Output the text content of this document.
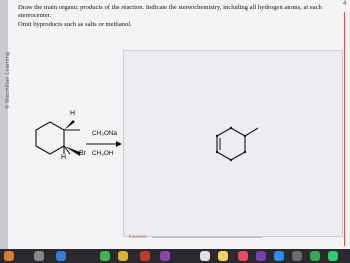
© Macmillan Learning
4
Draw the main organic products of the reaction. Indicate the stereochemistry, including all hydrogen atoms, at each stereocenter.
Omit byproducts such as salts or methanol.
H
H
Br
CH₃ONa
CH₃OH
Incorrect
